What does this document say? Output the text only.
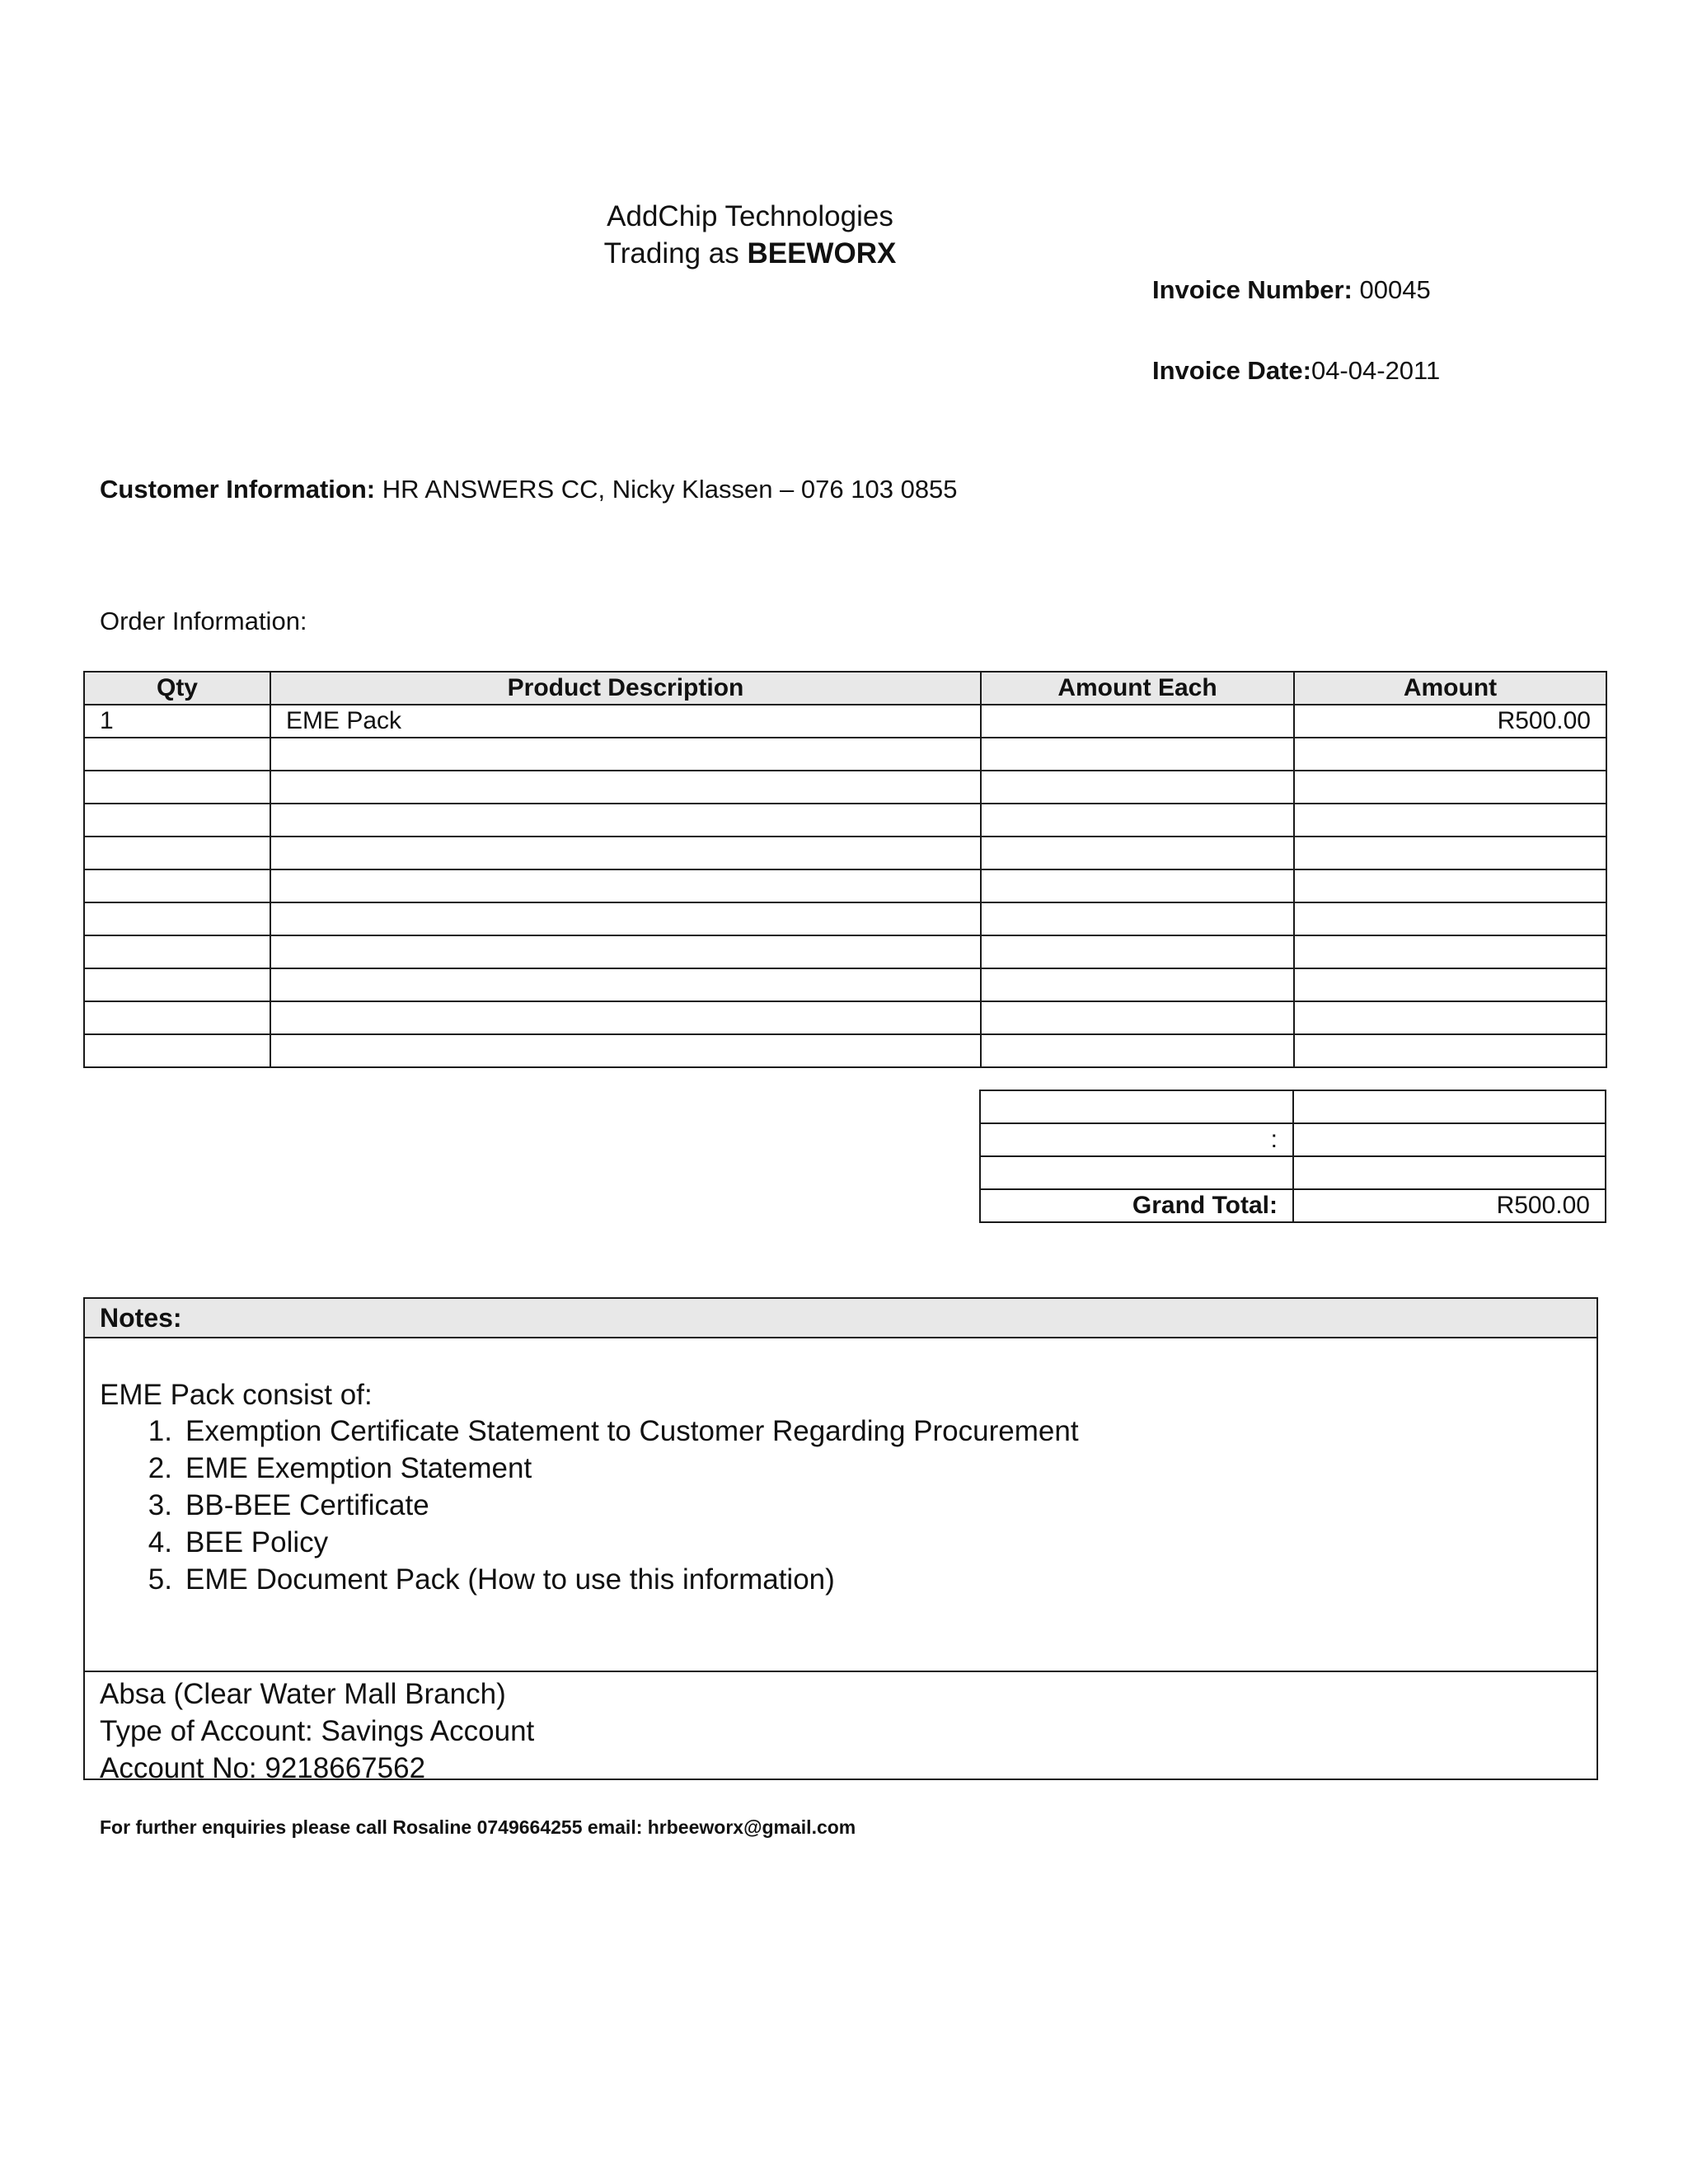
AddChip Technologies
Trading as BEEWORX
Invoice Number: 00045
Invoice Date:04-04-2011
Customer Information: HR ANSWERS CC, Nicky Klassen – 076 103 0855
Order Information:
Qty	Product Description	Amount Each	Amount
1	EME Pack		R500.00

:	

Grand Total:	R500.00
Notes:
EME Pack consist of:
1. Exemption Certificate Statement to Customer Regarding Procurement
2. EME Exemption Statement
3. BB-BEE Certificate
4. BEE Policy
5. EME Document Pack (How to use this information)
Absa (Clear Water Mall Branch)
Type of Account: Savings Account
Account No: 9218667562
For further enquiries please call Rosaline 0749664255 email: hrbeeworx@gmail.com
